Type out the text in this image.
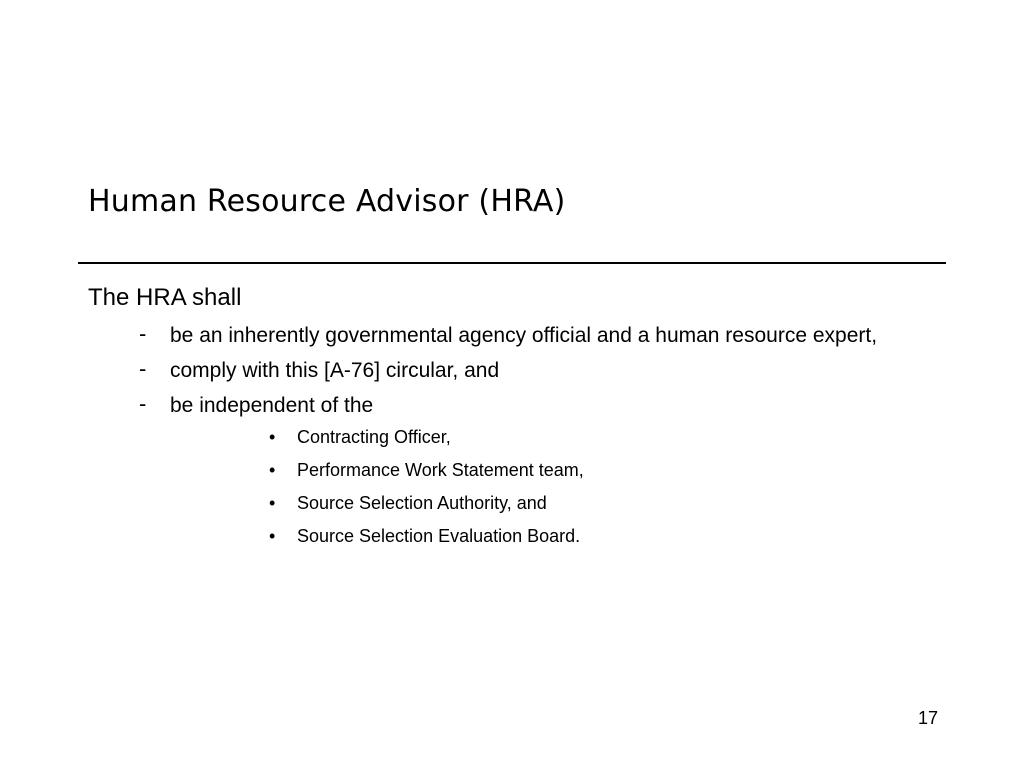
Human Resource Advisor (HRA)

The HRA shall

- be an inherently governmental agency official and a human resource expert,
- comply with this [A-76] circular, and
- be independent of the
• Contracting Officer,
• Performance Work Statement team,
• Source Selection Authority, and
• Source Selection Evaluation Board.
17
